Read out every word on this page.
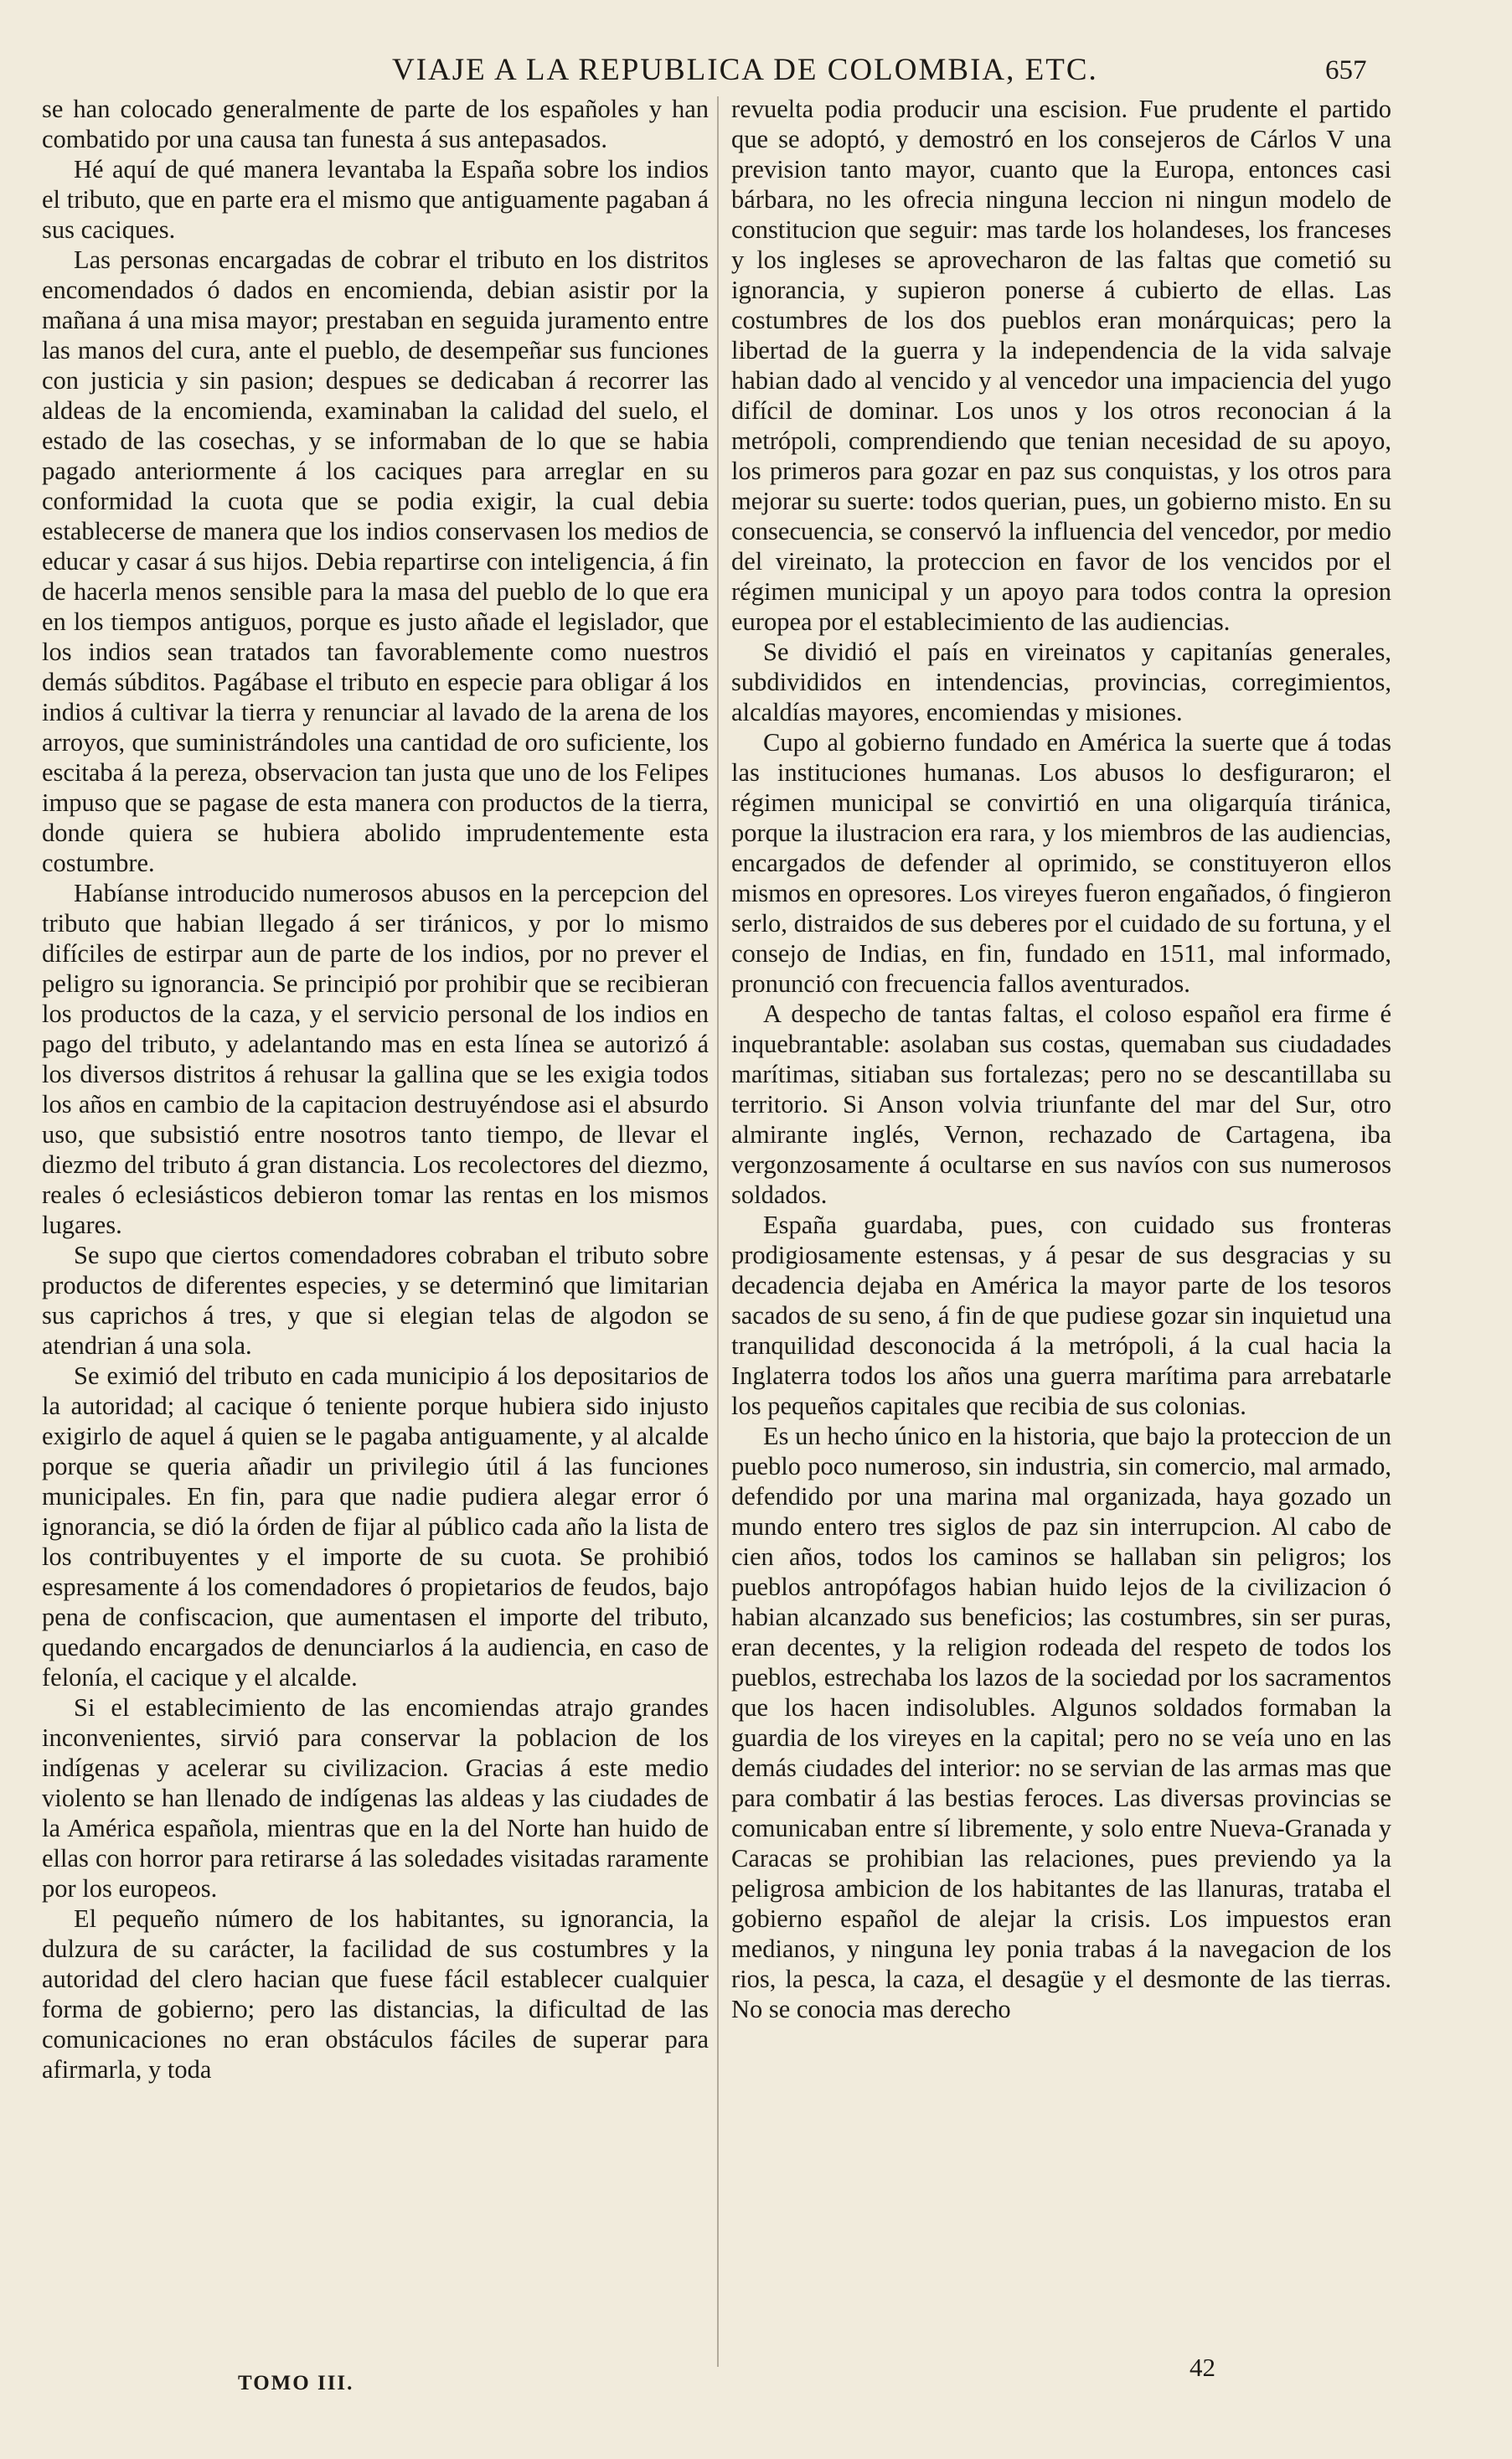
VIAJE A LA REPUBLICA DE COLOMBIA, ETC.	657

se han colocado generalmente de parte de los españoles y han combatido por una causa tan funesta á sus antepasados.

Hé aquí de qué manera levantaba la España sobre los indios el tributo, que en parte era el mismo que antiguamente pagaban á sus caciques.

Las personas encargadas de cobrar el tributo en los distritos encomendados ó dados en encomienda, debian asistir por la mañana á una misa mayor; prestaban en seguida juramento entre las manos del cura, ante el pueblo, de desempeñar sus funciones con justicia y sin pasion; despues se dedicaban á recorrer las aldeas de la encomienda, examinaban la calidad del suelo, el estado de las cosechas, y se informaban de lo que se habia pagado anteriormente á los caciques para arreglar en su conformidad la cuota que se podia exigir, la cual debia establecerse de manera que los indios conservasen los medios de educar y casar á sus hijos. Debia repartirse con inteligencia, á fin de hacerla menos sensible para la masa del pueblo de lo que era en los tiempos antiguos, porque es justo añade el legislador, que los indios sean tratados tan favorablemente como nuestros demás súbditos. Pagábase el tributo en especie para obligar á los indios á cultivar la tierra y renunciar al lavado de la arena de los arroyos, que suministrándoles una cantidad de oro suficiente, los escitaba á la pereza, observacion tan justa que uno de los Felipes impuso que se pagase de esta manera con productos de la tierra, donde quiera se hubiera abolido imprudentemente esta costumbre.

Habíanse introducido numerosos abusos en la percepcion del tributo que habian llegado á ser tiránicos, y por lo mismo difíciles de estirpar aun de parte de los indios, por no prever el peligro su ignorancia. Se principió por prohibir que se recibieran los productos de la caza, y el servicio personal de los indios en pago del tributo, y adelantando mas en esta línea se autorizó á los diversos distritos á rehusar la gallina que se les exigia todos los años en cambio de la capitacion destruyéndose asi el absurdo uso, que subsistió entre nosotros tanto tiempo, de llevar el diezmo del tributo á gran distancia. Los recolectores del diezmo, reales ó eclesiásticos debieron tomar las rentas en los mismos lugares.

Se supo que ciertos comendadores cobraban el tributo sobre productos de diferentes especies, y se determinó que limitarian sus caprichos á tres, y que si elegian telas de algodon se atendrian á una sola.

Se eximió del tributo en cada municipio á los depositarios de la autoridad; al cacique ó teniente porque hubiera sido injusto exigirlo de aquel á quien se le pagaba antiguamente, y al alcalde porque se queria añadir un privilegio útil á las funciones municipales. En fin, para que nadie pudiera alegar error ó ignorancia, se dió la órden de fijar al público cada año la lista de los contribuyentes y el importe de su cuota. Se prohibió espresamente á los comendadores ó propietarios de feudos, bajo pena de confiscacion, que aumentasen el importe del tributo, quedando encargados de denunciarlos á la audiencia, en caso de felonía, el cacique y el alcalde.

Si el establecimiento de las encomiendas atrajo grandes inconvenientes, sirvió para conservar la poblacion de los indígenas y acelerar su civilizacion. Gracias á este medio violento se han llenado de indígenas las aldeas y las ciudades de la América española, mientras que en la del Norte han huido de ellas con horror para retirarse á las soledades visitadas raramente por los europeos.

El pequeño número de los habitantes, su ignorancia, la dulzura de su carácter, la facilidad de sus costumbres y la autoridad del clero hacian que fuese fácil establecer cualquier forma de gobierno; pero las distancias, la dificultad de las comunicaciones no eran obstáculos fáciles de superar para afirmarla, y toda

revuelta podia producir una escision. Fue prudente el partido que se adoptó, y demostró en los consejeros de Cárlos V una prevision tanto mayor, cuanto que la Europa, entonces casi bárbara, no les ofrecia ninguna leccion ni ningun modelo de constitucion que seguir: mas tarde los holandeses, los franceses y los ingleses se aprovecharon de las faltas que cometió su ignorancia, y supieron ponerse á cubierto de ellas. Las costumbres de los dos pueblos eran monárquicas; pero la libertad de la guerra y la independencia de la vida salvaje habian dado al vencido y al vencedor una impaciencia del yugo difícil de dominar. Los unos y los otros reconocian á la metrópoli, comprendiendo que tenian necesidad de su apoyo, los primeros para gozar en paz sus conquistas, y los otros para mejorar su suerte: todos querian, pues, un gobierno misto. En su consecuencia, se conservó la influencia del vencedor, por medio del vireinato, la proteccion en favor de los vencidos por el régimen municipal y un apoyo para todos contra la opresion europea por el establecimiento de las audiencias.

Se dividió el país en vireinatos y capitanías generales, subdivididos en intendencias, provincias, corregimientos, alcaldías mayores, encomiendas y misiones.

Cupo al gobierno fundado en América la suerte que á todas las instituciones humanas. Los abusos lo desfiguraron; el régimen municipal se convirtió en una oligarquía tiránica, porque la ilustracion era rara, y los miembros de las audiencias, encargados de defender al oprimido, se constituyeron ellos mismos en opresores. Los vireyes fueron engañados, ó fingieron serlo, distraidos de sus deberes por el cuidado de su fortuna, y el consejo de Indias, en fin, fundado en 1511, mal informado, pronunció con frecuencia fallos aventurados.

A despecho de tantas faltas, el coloso español era firme é inquebrantable: asolaban sus costas, quemaban sus ciudadades marítimas, sitiaban sus fortalezas; pero no se descantillaba su territorio. Si Anson volvia triunfante del mar del Sur, otro almirante inglés, Vernon, rechazado de Cartagena, iba vergonzosamente á ocultarse en sus navíos con sus numerosos soldados.

España guardaba, pues, con cuidado sus fronteras prodigiosamente estensas, y á pesar de sus desgracias y su decadencia dejaba en América la mayor parte de los tesoros sacados de su seno, á fin de que pudiese gozar sin inquietud una tranquilidad desconocida á la metrópoli, á la cual hacia la Inglaterra todos los años una guerra marítima para arrebatarle los pequeños capitales que recibia de sus colonias.

Es un hecho único en la historia, que bajo la proteccion de un pueblo poco numeroso, sin industria, sin comercio, mal armado, defendido por una marina mal organizada, haya gozado un mundo entero tres siglos de paz sin interrupcion. Al cabo de cien años, todos los caminos se hallaban sin peligros; los pueblos antropófagos habian huido lejos de la civilizacion ó habian alcanzado sus beneficios; las costumbres, sin ser puras, eran decentes, y la religion rodeada del respeto de todos los pueblos, estrechaba los lazos de la sociedad por los sacramentos que los hacen indisolubles. Algunos soldados formaban la guardia de los vireyes en la capital; pero no se veía uno en las demás ciudades del interior: no se servian de las armas mas que para combatir á las bestias feroces. Las diversas provincias se comunicaban entre sí libremente, y solo entre Nueva-Granada y Caracas se prohibian las relaciones, pues previendo ya la peligrosa ambicion de los habitantes de las llanuras, trataba el gobierno español de alejar la crisis. Los impuestos eran medianos, y ninguna ley ponia trabas á la navegacion de los rios, la pesca, la caza, el desagüe y el desmonte de las tierras. No se conocia mas derecho

TOMO III.
42
